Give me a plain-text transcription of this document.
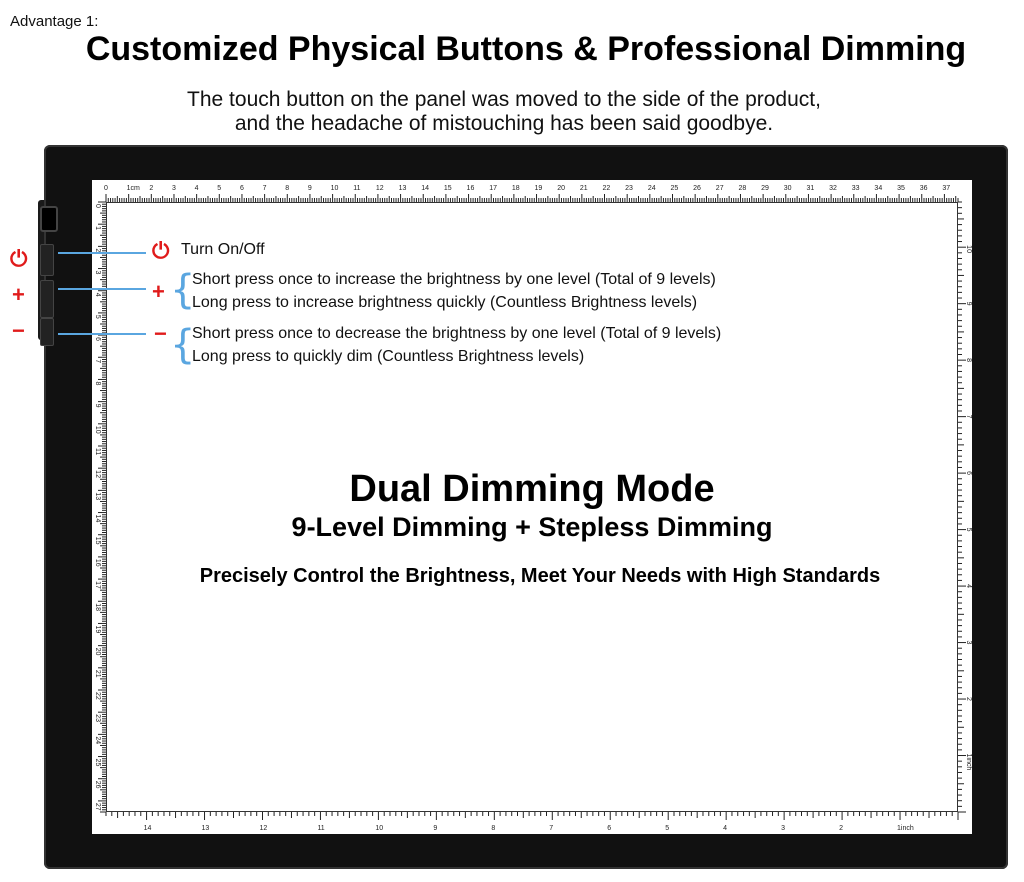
Advantage 1:
Customized Physical Buttons & Professional Dimming
The touch button on the panel was moved to the side of the product,
and the headache of mistouching has been said goodbye.
0	1cm 2	3	4	5	6	7	8	9	10 11 12 13 14 15 16 17 18 19 20 21 22 23 24 25 26 27 28 29 30 31 32 33 34 35 36 37
0
1
2
3
4
5
6
7
8
9
10
11
12
13
14
15
16
17
18
19
20
21
22
23
24
25
26
27
1inch
2
3
4
5
6
7
8
9
10
11
12
13
14
1inch
2
3
4
5
6
7
8
9
10
⏻
+
−
⏻ Turn On/Off
+ {
Short press once to increase the brightness by one level (Total of 9 levels)
Long press to increase brightness quickly (Countless Brightness levels)
− {
Short press once to decrease the brightness by one level (Total of 9 levels)
Long press to quickly dim (Countless Brightness levels)
Dual Dimming Mode
9-Level Dimming + Stepless Dimming
Precisely Control the Brightness, Meet Your Needs with High Standards
